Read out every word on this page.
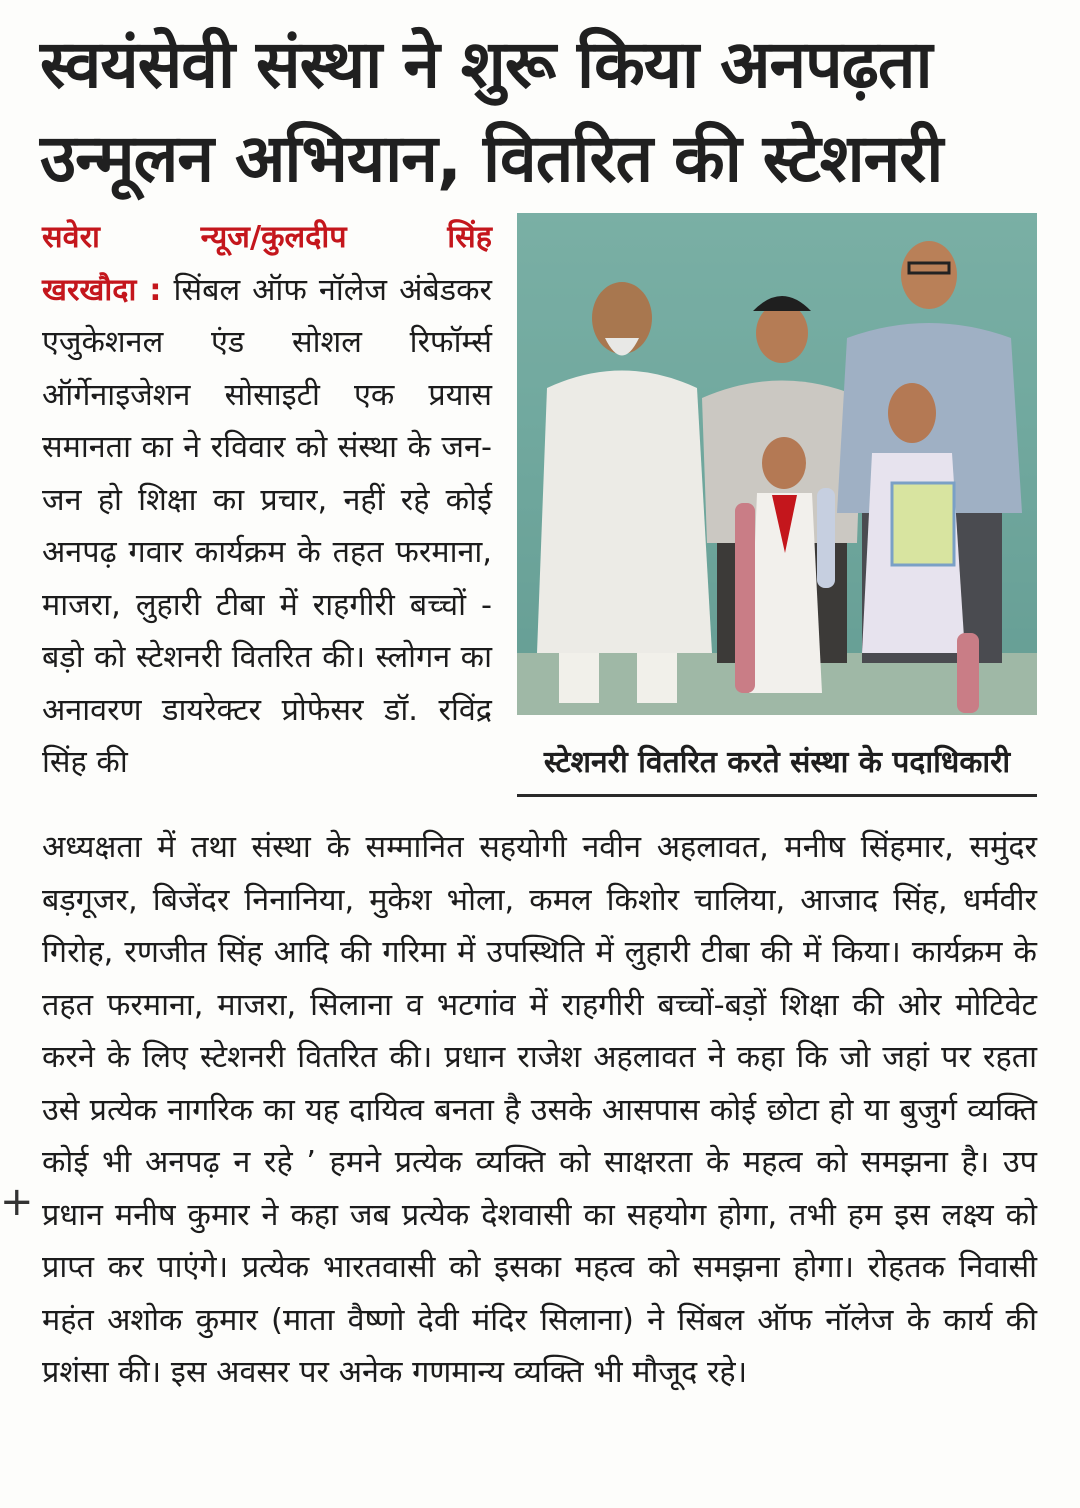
स्वयंसेवी संस्था ने शुरू किया अनपढ़ता
उन्मूलन अभियान, वितरित की स्टेशनरी
सवेरा न्यूज/कुलदीप सिंह
खरखौदा : सिंबल ऑफ नॉलेज अंबेडकर एजुकेशनल एंड सोशल रिफॉर्म्स ऑर्गेनाइजेशन सोसाइटी एक प्रयास समानता का ने रविवार को संस्था के जन-जन हो शिक्षा का प्रचार, नहीं रहे कोई अनपढ़ गवार कार्यक्रम के तहत फरमाना, माजरा, लुहारी टीबा में राहगीरी बच्चों - बड़ो को स्टेशनरी वितरित की। स्लोगन का अनावरण डायरेक्टर प्रोफेसर डॉ. रविंद्र सिंह की	स्टेशनरी वितरित करते संस्था के पदाधिकारी
अध्यक्षता में तथा संस्था के सम्मानित सहयोगी नवीन अहलावत, मनीष सिंहमार, समुंदर बड़गूजर, बिजेंदर निनानिया, मुकेश भोला, कमल किशोर चालिया, आजाद सिंह, धर्मवीर गिरोह, रणजीत सिंह आदि की गरिमा में उपस्थिति में लुहारी टीबा की में किया। कार्यक्रम के तहत फरमाना, माजरा, सिलाना व भटगांव में राहगीरी बच्चों-बड़ों शिक्षा की ओर मोटिवेट करने के लिए स्टेशनरी वितरित की। प्रधान राजेश अहलावत ने कहा कि जो जहां पर रहता उसे प्रत्येक नागरिक का यह दायित्व बनता है उसके आसपास कोई छोटा हो या बुजुर्ग व्यक्ति कोई भी अनपढ़ न रहे ’ हमने प्रत्येक व्यक्ति को साक्षरता के महत्व को समझना है। उप प्रधान मनीष कुमार ने कहा जब प्रत्येक देशवासी का सहयोग होगा, तभी हम इस लक्ष्य को प्राप्त कर पाएंगे। प्रत्येक भारतवासी को इसका महत्व को समझना होगा। रोहतक निवासी महंत अशोक कुमार (माता वैष्णो देवी मंदिर सिलाना) ने सिंबल ऑफ नॉलेज के कार्य की प्रशंसा की। इस अवसर पर अनेक गणमान्य व्यक्ति भी मौजूद रहे।
+
